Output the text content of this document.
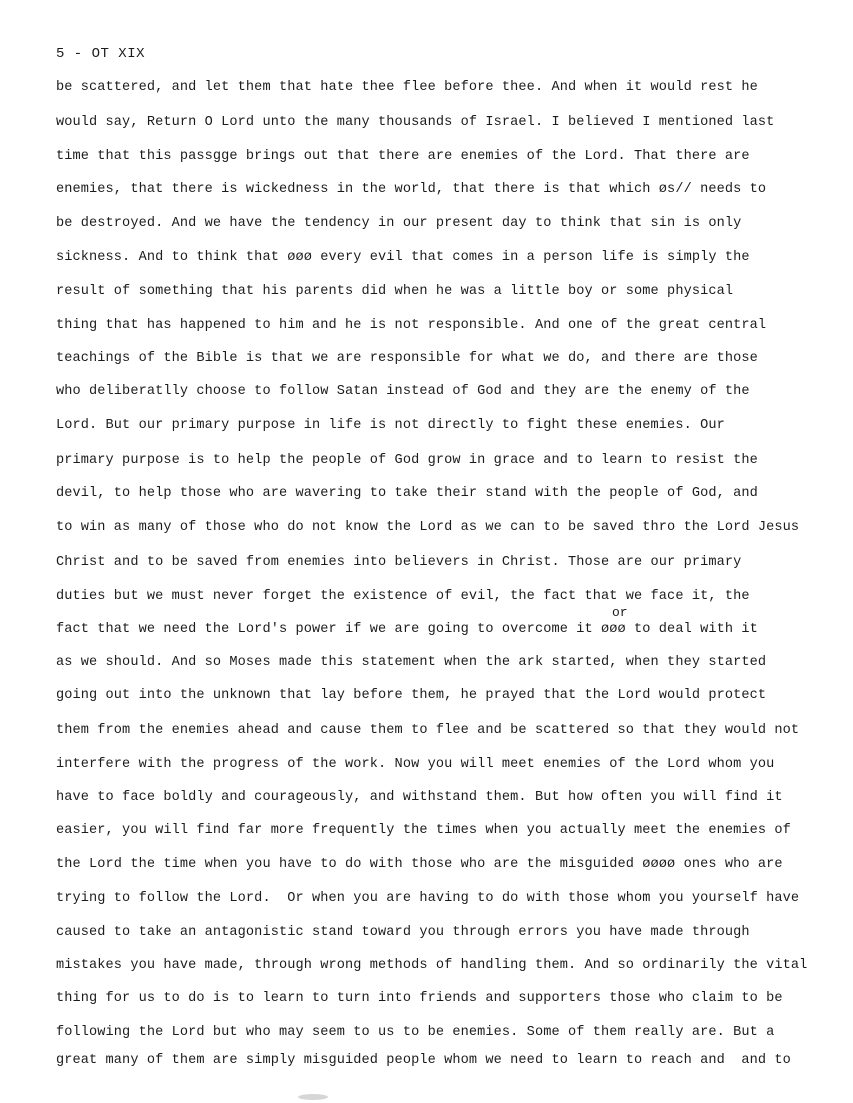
5 - OT XIX
or
be scattered, and let them that hate thee flee before thee. And when it would rest he
would say, Return O Lord unto the many thousands of Israel. I believed I mentioned last
time that this passgge brings out that there are enemies of the Lord. That there are
enemies, that there is wickedness in the world, that there is that which øs// needs to
be destroyed. And we have the tendency in our present day to think that sin is only
sickness. And to think that øøø every evil that comes in a person life is simply the
result of something that his parents did when he was a little boy or some physical
thing that has happened to him and he is not responsible. And one of the great central
teachings of the Bible is that we are responsible for what we do, and there are those
who deliberatlly choose to follow Satan instead of God and they are the enemy of the
Lord. But our primary purpose in life is not directly to fight these enemies. Our
primary purpose is to help the people of God grow in grace and to learn to resist the
devil, to help those who are wavering to take their stand with the people of God, and
to win as many of those who do not know the Lord as we can to be saved thro the Lord Jesus
Christ and to be saved from enemies into believers in Christ. Those are our primary
duties but we must never forget the existence of evil, the fact that we face it, the
fact that we need the Lord's power if we are going to overcome it øøø to deal with it
as we should. And so Moses made this statement when the ark started, when they started
going out into the unknown that lay before them, he prayed that the Lord would protect
them from the enemies ahead and cause them to flee and be scattered so that they would not
interfere with the progress of the work. Now you will meet enemies of the Lord whom you
have to face boldly and courageously, and withstand them. But how often you will find it
easier, you will find far more frequently the times when you actually meet the enemies of
the Lord the time when you have to do with those who are the misguided øøøø ones who are
trying to follow the Lord.  Or when you are having to do with those whom you yourself have
caused to take an antagonistic stand toward you through errors you have made through
mistakes you have made, through wrong methods of handling them. And so ordinarily the vital
thing for us to do is to learn to turn into friends and supporters those who claim to be
following the Lord but who may seem to us to be enemies. Some of them really are. But a
great many of them are simply misguided people whom we need to learn to reach and  and to
